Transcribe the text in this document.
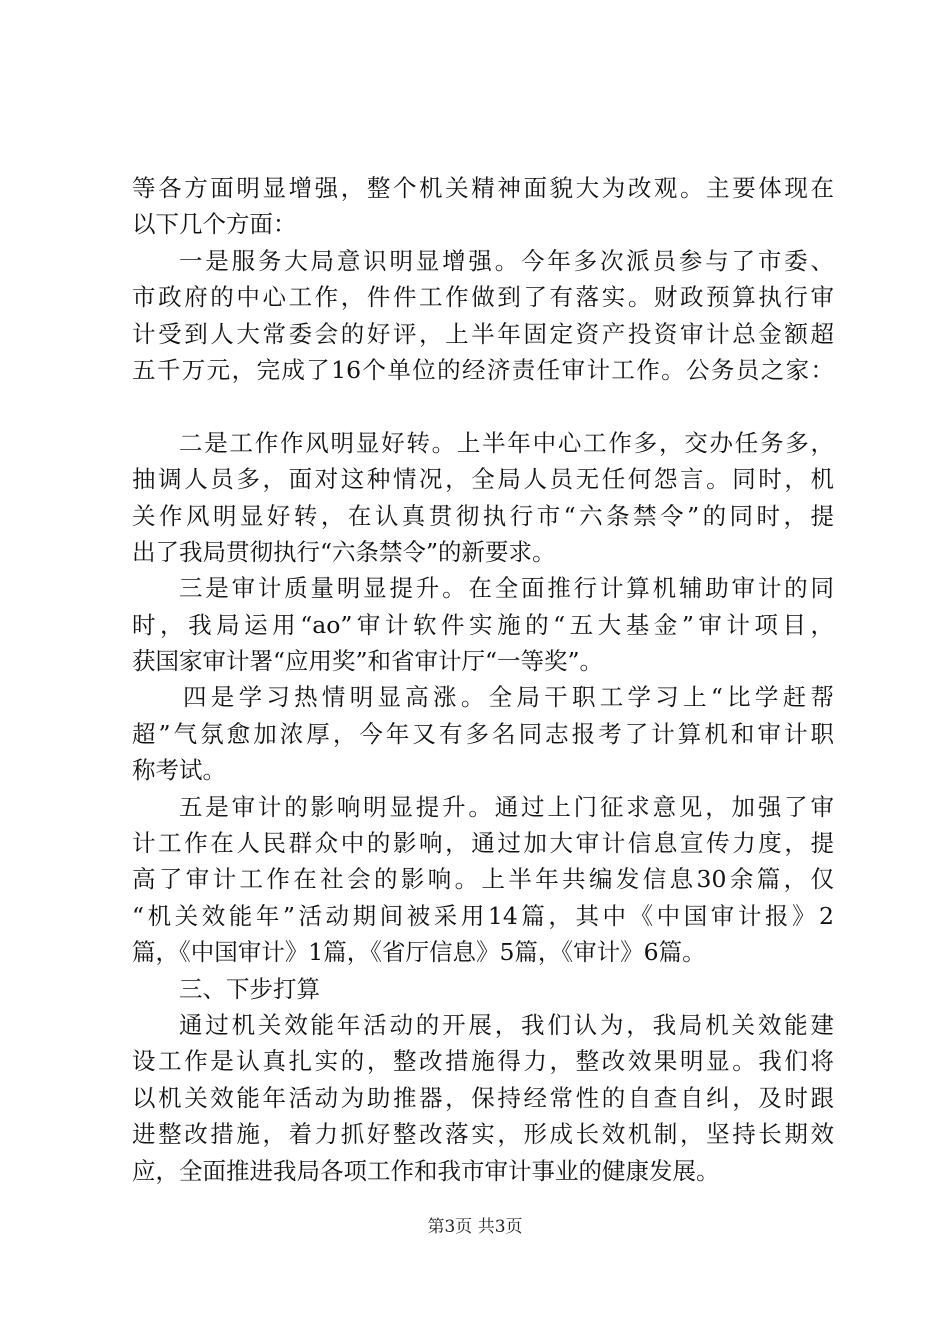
等各方面明显增强，整个机关精神面貌大为改观。主要体现在
以下几个方面：
一是服务大局意识明显增强。今年多次派员参与了市委、
市政府的中心工作，件件工作做到了有落实。财政预算执行审
计受到人大常委会的好评，上半年固定资产投资审计总金额超
五千万元，完成了16个单位的经济责任审计工作。公务员之家：
二是工作作风明显好转。上半年中心工作多，交办任务多，
抽调人员多，面对这种情况，全局人员无任何怨言。同时，机
关作风明显好转，在认真贯彻执行市“六条禁令”的同时，提
出了我局贯彻执行“六条禁令”的新要求。
三是审计质量明显提升。在全面推行计算机辅助审计的同
时，我局运用“ao”审计软件实施的“五大基金”审计项目，
获国家审计署“应用奖”和省审计厅“一等奖”。
四是学习热情明显高涨。全局干职工学习上“比学赶帮
超”气氛愈加浓厚，今年又有多名同志报考了计算机和审计职
称考试。
五是审计的影响明显提升。通过上门征求意见，加强了审
计工作在人民群众中的影响，通过加大审计信息宣传力度，提
高了审计工作在社会的影响。上半年共编发信息30余篇，仅
“机关效能年”活动期间被采用14篇，其中《中国审计报》2
篇，《中国审计》1篇，《省厅信息》5篇，《审计》6篇。
三、下步打算
通过机关效能年活动的开展，我们认为，我局机关效能建
设工作是认真扎实的，整改措施得力，整改效果明显。我们将
以机关效能年活动为助推器，保持经常性的自查自纠，及时跟
进整改措施，着力抓好整改落实，形成长效机制，坚持长期效
应，全面推进我局各项工作和我市审计事业的健康发展。
第3页 共3页
